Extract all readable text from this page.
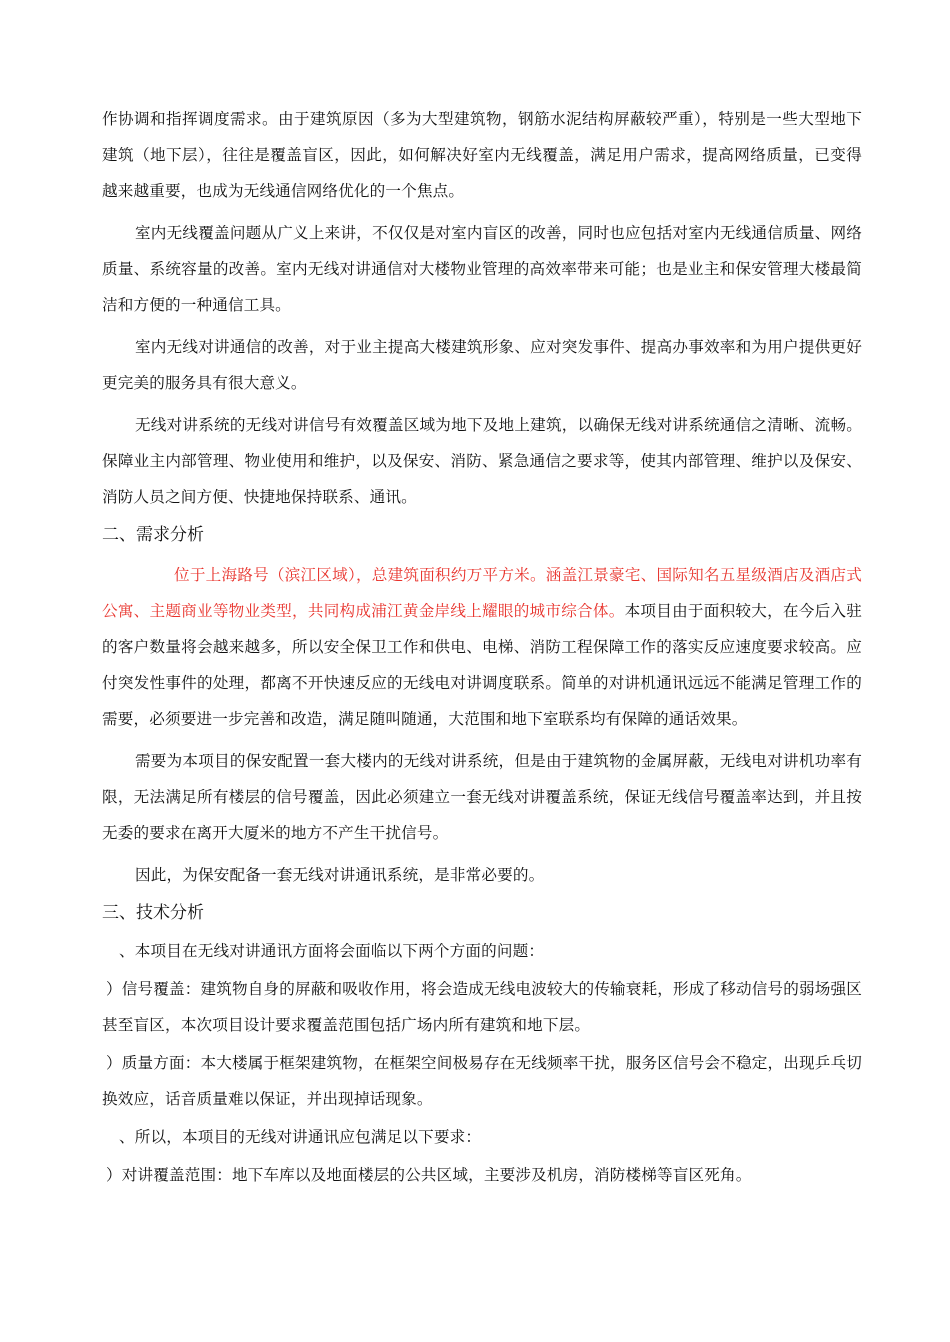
作协调和指挥调度需求。由于建筑原因（多为大型建筑物，钢筋水泥结构屏蔽较严重），特别是一些大型地下建筑（地下层），往往是覆盖盲区，因此，如何解决好室内无线覆盖，满足用户需求，提高网络质量，已变得越来越重要，也成为无线通信网络优化的一个焦点。

室内无线覆盖问题从广义上来讲，不仅仅是对室内盲区的改善，同时也应包括对室内无线通信质量、网络质量、系统容量的改善。室内无线对讲通信对大楼物业管理的高效率带来可能；也是业主和保安管理大楼最简洁和方便的一种通信工具。

室内无线对讲通信的改善，对于业主提高大楼建筑形象、应对突发事件、提高办事效率和为用户提供更好更完美的服务具有很大意义。

无线对讲系统的无线对讲信号有效覆盖区域为地下及地上建筑，以确保无线对讲系统通信之清晰、流畅。保障业主内部管理、物业使用和维护，以及保安、消防、紧急通信之要求等，使其内部管理、维护以及保安、消防人员之间方便、快捷地保持联系、通讯。

二、需求分析

位于上海路号（滨江区域），总建筑面积约万平方米。涵盖江景豪宅、国际知名五星级酒店及酒店式公寓、主题商业等物业类型，共同构成浦江黄金岸线上耀眼的城市综合体。本项目由于面积较大，在今后入驻的客户数量将会越来越多，所以安全保卫工作和供电、电梯、消防工程保障工作的落实反应速度要求较高。应付突发性事件的处理，都离不开快速反应的无线电对讲调度联系。简单的对讲机通讯远远不能满足管理工作的需要，必须要进一步完善和改造，满足随叫随通，大范围和地下室联系均有保障的通话效果。

需要为本项目的保安配置一套大楼内的无线对讲系统，但是由于建筑物的金属屏蔽，无线电对讲机功率有限，无法满足所有楼层的信号覆盖，因此必须建立一套无线对讲覆盖系统，保证无线信号覆盖率达到，并且按无委的要求在离开大厦米的地方不产生干扰信号。

因此，为保安配备一套无线对讲通讯系统，是非常必要的。

三、技术分析

、本项目在无线对讲通讯方面将会面临以下两个方面的问题：

）信号覆盖：建筑物自身的屏蔽和吸收作用，将会造成无线电波较大的传输衰耗，形成了移动信号的弱场强区甚至盲区，本次项目设计要求覆盖范围包括广场内所有建筑和地下层。

）质量方面：本大楼属于框架建筑物，在框架空间极易存在无线频率干扰，服务区信号会不稳定，出现乒乓切换效应，话音质量难以保证，并出现掉话现象。

、所以，本项目的无线对讲通讯应包满足以下要求：

）对讲覆盖范围：地下车库以及地面楼层的公共区域，主要涉及机房，消防楼梯等盲区死角。
